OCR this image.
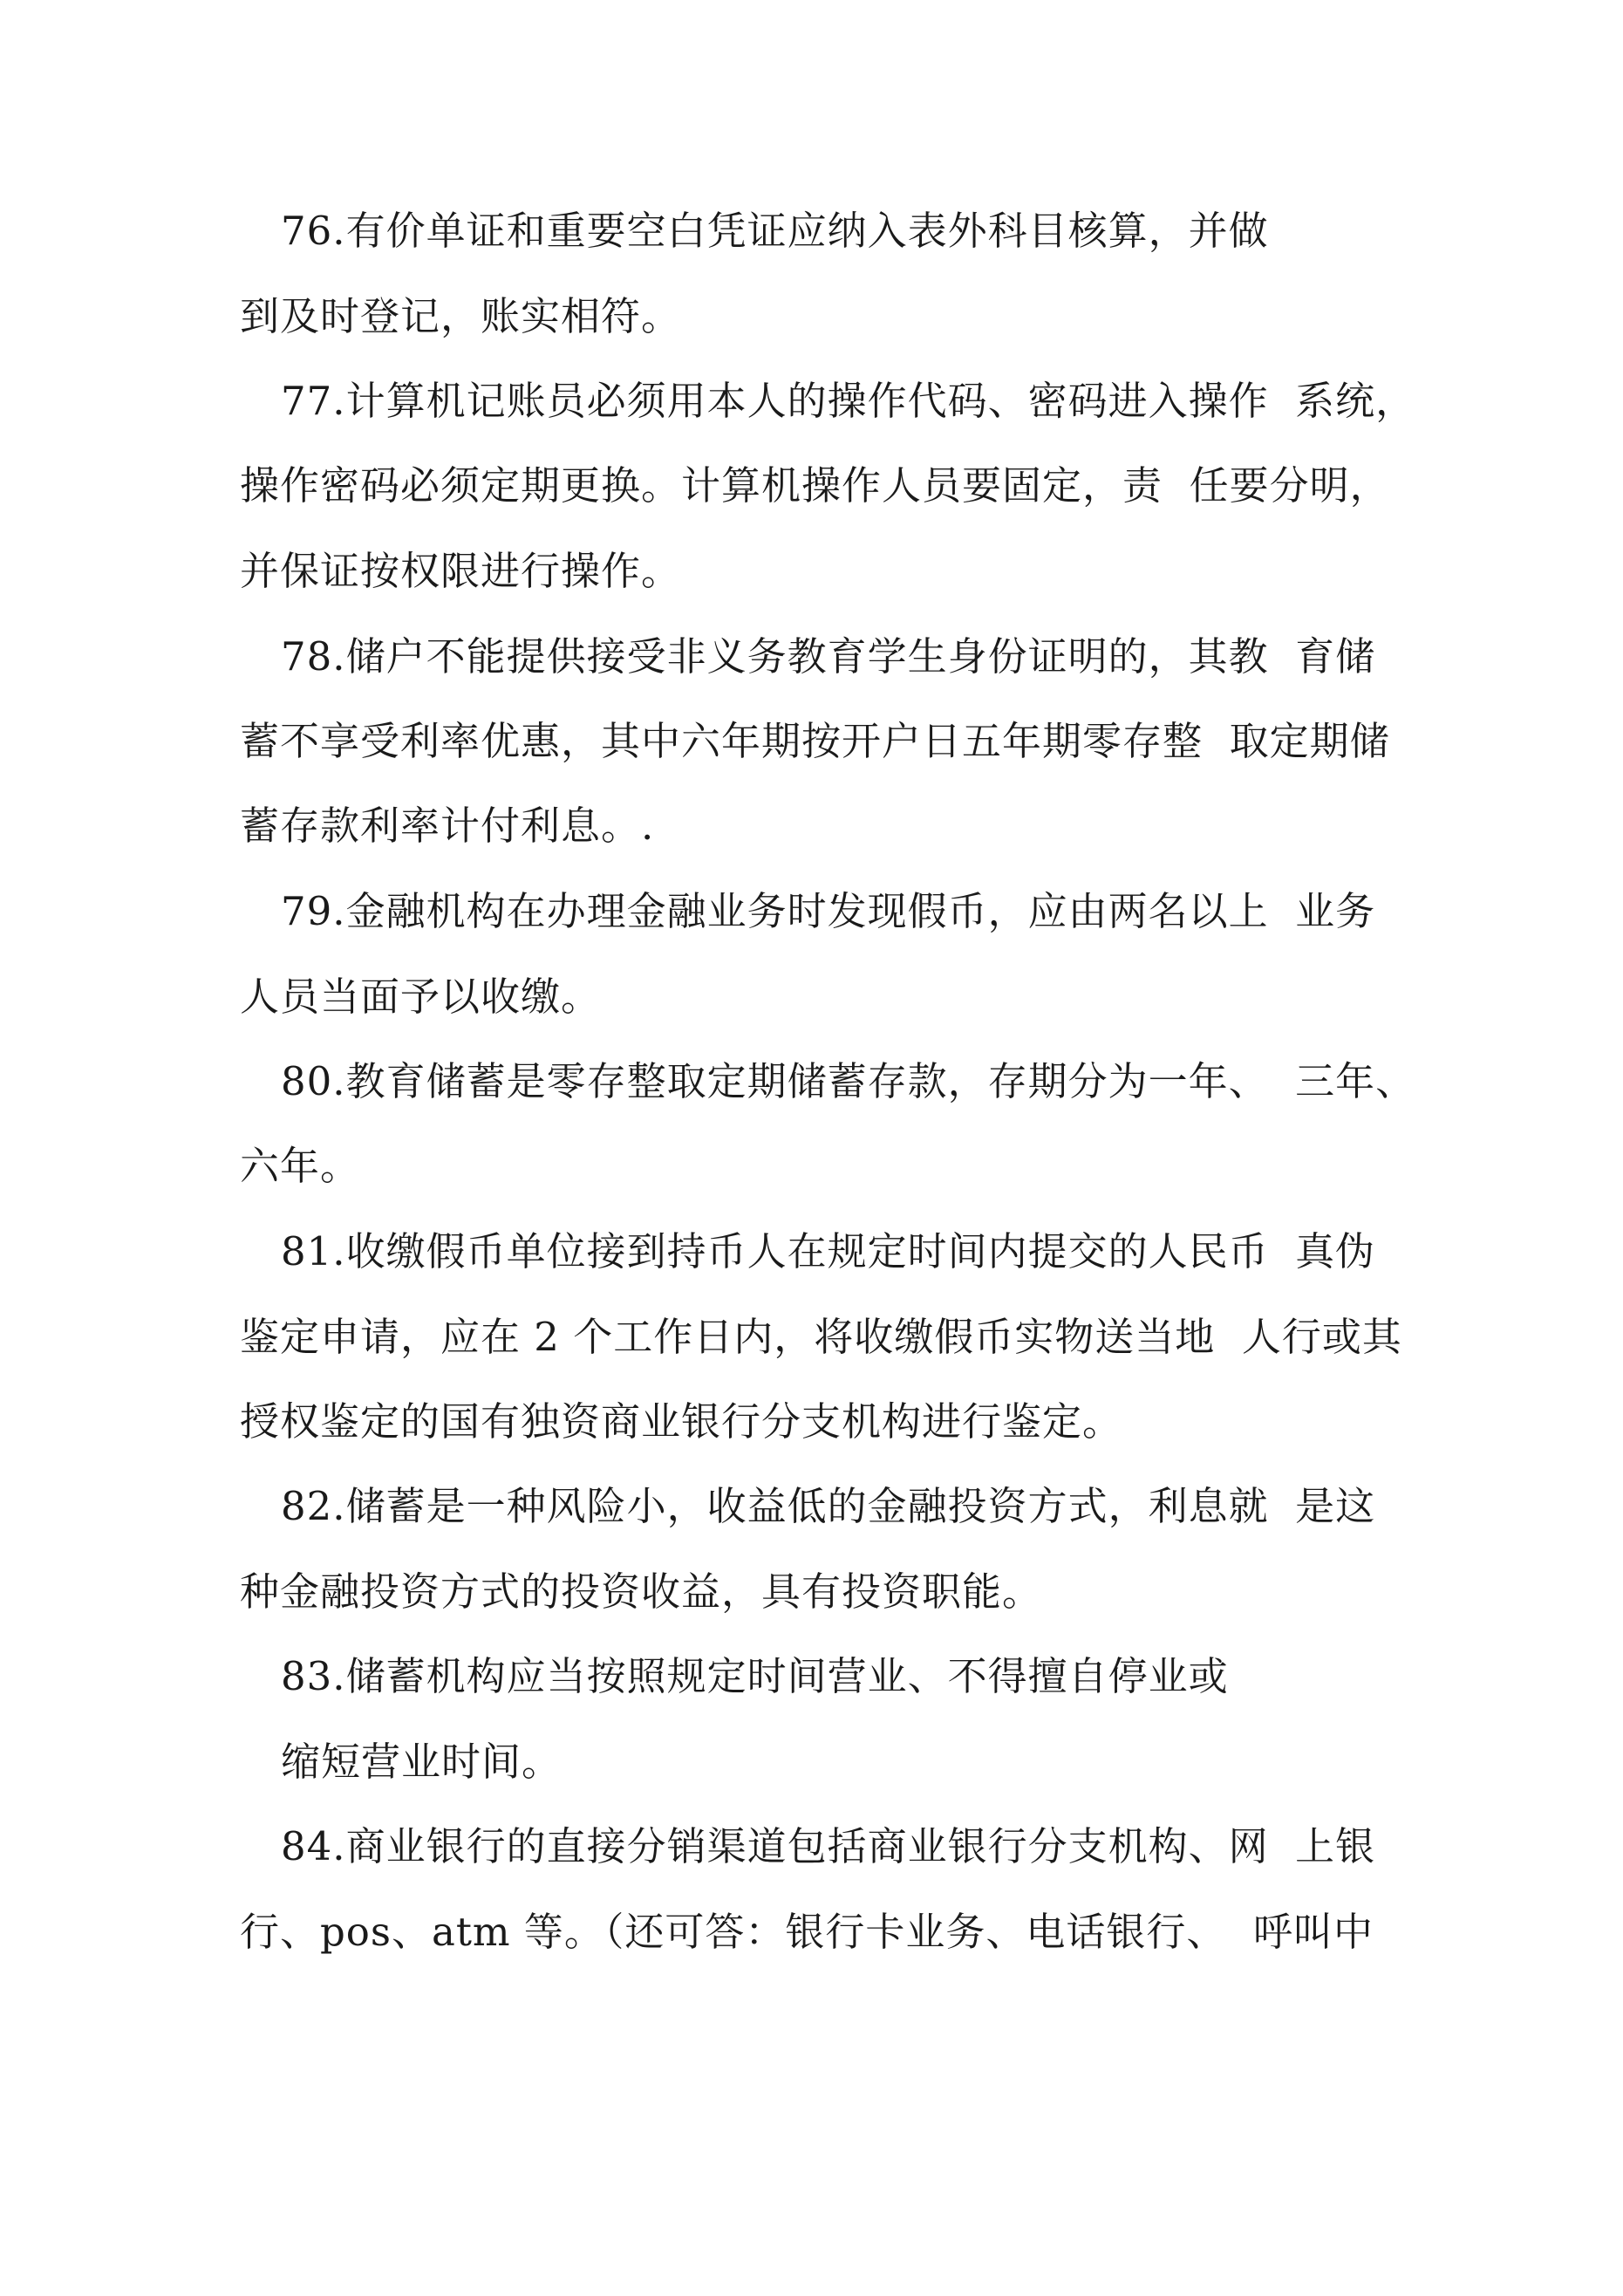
76.有价单证和重要空白凭证应纳入表外科目核算，并做
到及时登记，账实相符。
77.计算机记账员必须用本人的操作代码、密码进入操作  系统，
操作密码必须定期更换。计算机操作人员要固定，责  任要分明，
并保证按权限进行操作。
78.储户不能提供接受非义务教育学生身份证明的，其教  育储
蓄不享受利率优惠，其中六年期按开户日五年期零存整  取定期储
蓄存款利率计付利息。.
79.金融机构在办理金融业务时发现假币，应由两名以上  业务
人员当面予以收缴。
80.教育储蓄是零存整取定期储蓄存款，存期分为一年、  三年、
六年。
81.收缴假币单位接到持币人在规定时间内提交的人民币  真伪
鉴定申请，应在 2 个工作日内，将收缴假币实物送当地  人行或其
授权鉴定的国有独资商业银行分支机构进行鉴定。
82.储蓄是一种风险小，收益低的金融投资方式，利息就  是这
种金融投资方式的投资收益，具有投资职能。
83.储蓄机构应当按照规定时间营业、不得擅自停业或
缩短营业时间。
84.商业银行的直接分销渠道包括商业银行分支机构、网  上银
行、pos、atm 等。（还可答：银行卡业务、电话银行、  呼叫中
